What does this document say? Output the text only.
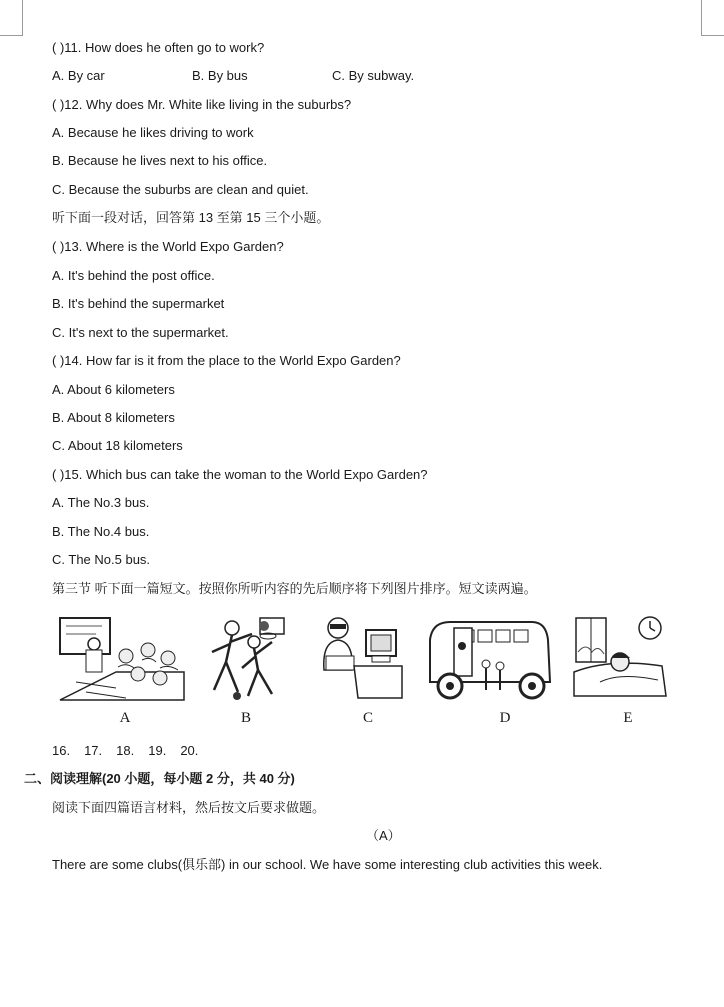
( )11. How does he often go to work?
A. By car	B. By bus	C. By subway.
( )12. Why does Mr. White like living in the suburbs?
A. Because he likes driving to work
B. Because he lives next to his office.
C. Because the suburbs are clean and quiet.
听下面一段对话，回答第 13 至第 15 三个小题。
( )13. Where is the World Expo Garden?
A. It's behind the post office.
B. It's behind the supermarket
C. It's next to the supermarket.
( )14. How far is it from the place to the World Expo Garden?
A. About 6 kilometers
B. About 8 kilometers
C. About 18 kilometers
( )15. Which bus can take the woman to the World Expo Garden?
A. The No.3 bus.
B. The No.4 bus.
C. The No.5 bus.
第三节 听下面一篇短文。按照你所听内容的先后顺序将下列图片排序。短文读两遍。
A	B	C	D	E
16. 17. 18. 19. 20.
二、阅读理解(20 小题，每小题 2 分，共 40 分)
阅读下面四篇语言材料，然后按文后要求做题。
（A）
There are some clubs(俱乐部) in our school. We have some interesting club activities this week.
